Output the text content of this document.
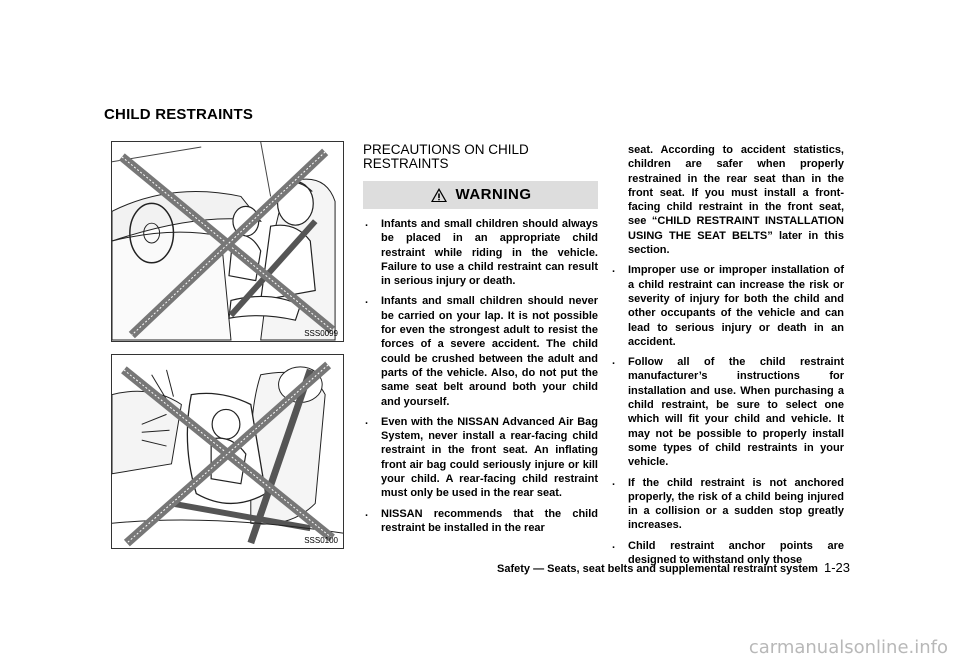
CHILD RESTRAINTS
SSS0099
SSS0100
PRECAUTIONS ON CHILD RESTRAINTS
WARNING
. Infants and small children should always be placed in an appropriate child restraint while riding in the vehicle. Failure to use a child restraint can result in serious injury or death.
. Infants and small children should never be carried on your lap. It is not possible for even the strongest adult to resist the forces of a severe accident. The child could be crushed between the adult and parts of the vehicle. Also, do not put the same seat belt around both your child and yourself.
. Even with the NISSAN Advanced Air Bag System, never install a rear-facing child restraint in the front seat. An inflating front air bag could seriously injure or kill your child. A rear-facing child restraint must only be used in the rear seat.
. NISSAN recommends that the child restraint be installed in the rear

seat. According to accident statistics, children are safer when properly restrained in the rear seat than in the front seat. If you must install a front-facing child restraint in the front seat, see “CHILD RESTRAINT INSTALLATION USING THE SEAT BELTS” later in this section.

. Improper use or improper installation of a child restraint can increase the risk or severity of injury for both the child and other occupants of the vehicle and can lead to serious injury or death in an accident.
. Follow all of the child restraint manufacturer’s instructions for installation and use. When purchasing a child restraint, be sure to select one which will fit your child and vehicle. It may not be possible to properly install some types of child restraints in your vehicle.
. If the child restraint is not anchored properly, the risk of a child being injured in a collision or a sudden stop greatly increases.
. Child restraint anchor points are designed to withstand only those
Safety — Seats, seat belts and supplemental restraint system 1-23
carmanualsonline.info
